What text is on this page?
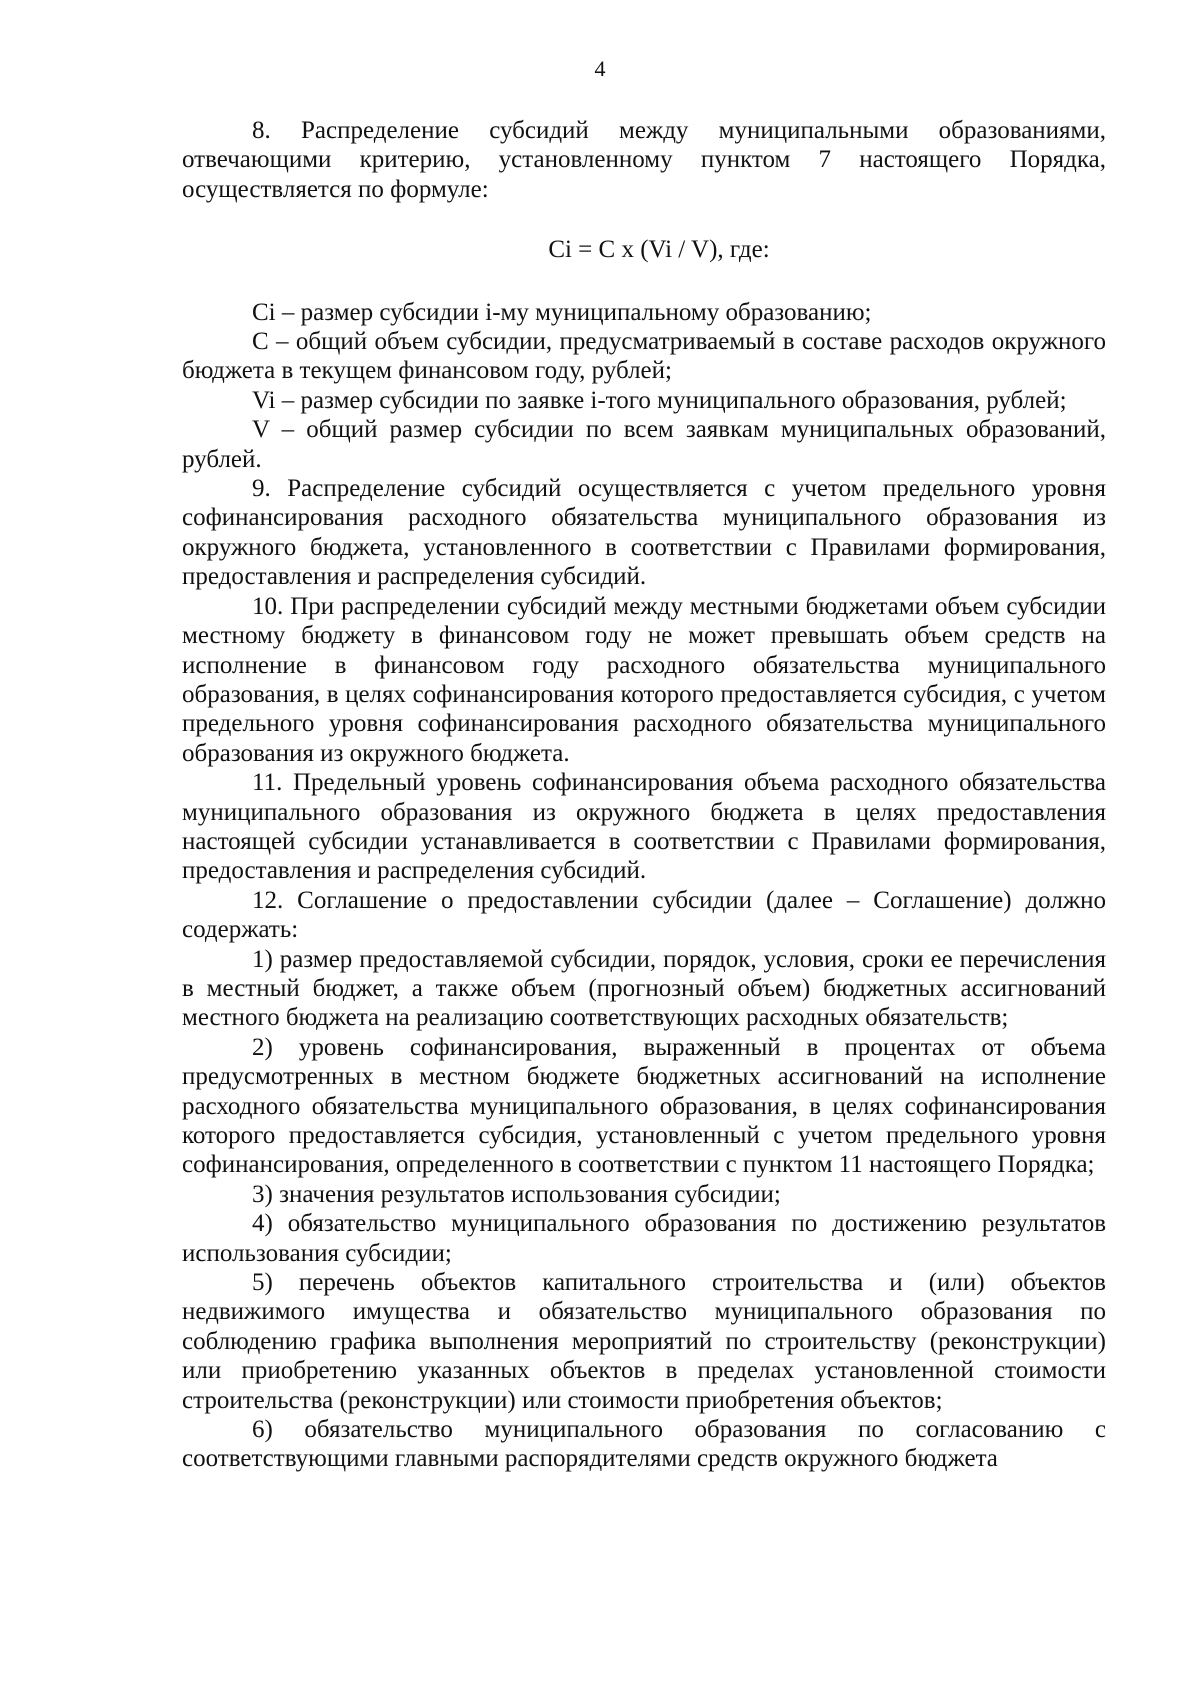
4

8. Распределение субсидий между муниципальными образованиями, отвечающими критерию, установленному пунктом 7 настоящего Порядка, осуществляется по формуле:

Ci = C x (Vi / V), где:

Ci – размер субсидии i-му муниципальному образованию;

C – общий объем субсидии, предусматриваемый в составе расходов окружного бюджета в текущем финансовом году, рублей;

Vi – размер субсидии по заявке i-того муниципального образования, рублей;

V – общий размер субсидии по всем заявкам муниципальных образований, рублей.

9. Распределение субсидий осуществляется с учетом предельного уровня софинансирования расходного обязательства муниципального образования из окружного бюджета, установленного в соответствии с Правилами формирования, предоставления и распределения субсидий.

10. При распределении субсидий между местными бюджетами объем субсидии местному бюджету в финансовом году не может превышать объем средств на исполнение в финансовом году расходного обязательства муниципального образования, в целях софинансирования которого предоставляется субсидия, с учетом предельного уровня софинансирования расходного обязательства муниципального образования из окружного бюджета.

11. Предельный уровень софинансирования объема расходного обязательства муниципального образования из окружного бюджета в целях предоставления настоящей субсидии устанавливается в соответствии с Правилами формирования, предоставления и распределения субсидий.

12. Соглашение о предоставлении субсидии (далее – Соглашение) должно содержать:

1) размер предоставляемой субсидии, порядок, условия, сроки ее перечисления в местный бюджет, а также объем (прогнозный объем) бюджетных ассигнований местного бюджета на реализацию соответствующих расходных обязательств;

2) уровень софинансирования, выраженный в процентах от объема предусмотренных в местном бюджете бюджетных ассигнований на исполнение расходного обязательства муниципального образования, в целях софинансирования которого предоставляется субсидия, установленный с учетом предельного уровня софинансирования, определенного в соответствии с пунктом 11 настоящего Порядка;

3) значения результатов использования субсидии;

4) обязательство муниципального образования по достижению результатов использования субсидии;

5) перечень объектов капитального строительства и (или) объектов недвижимого имущества и обязательство муниципального образования по соблюдению графика выполнения мероприятий по строительству (реконструкции) или приобретению указанных объектов в пределах установленной стоимости строительства (реконструкции) или стоимости приобретения объектов;

6) обязательство муниципального образования по согласованию с соответствующими главными распорядителями средств окружного бюджета
